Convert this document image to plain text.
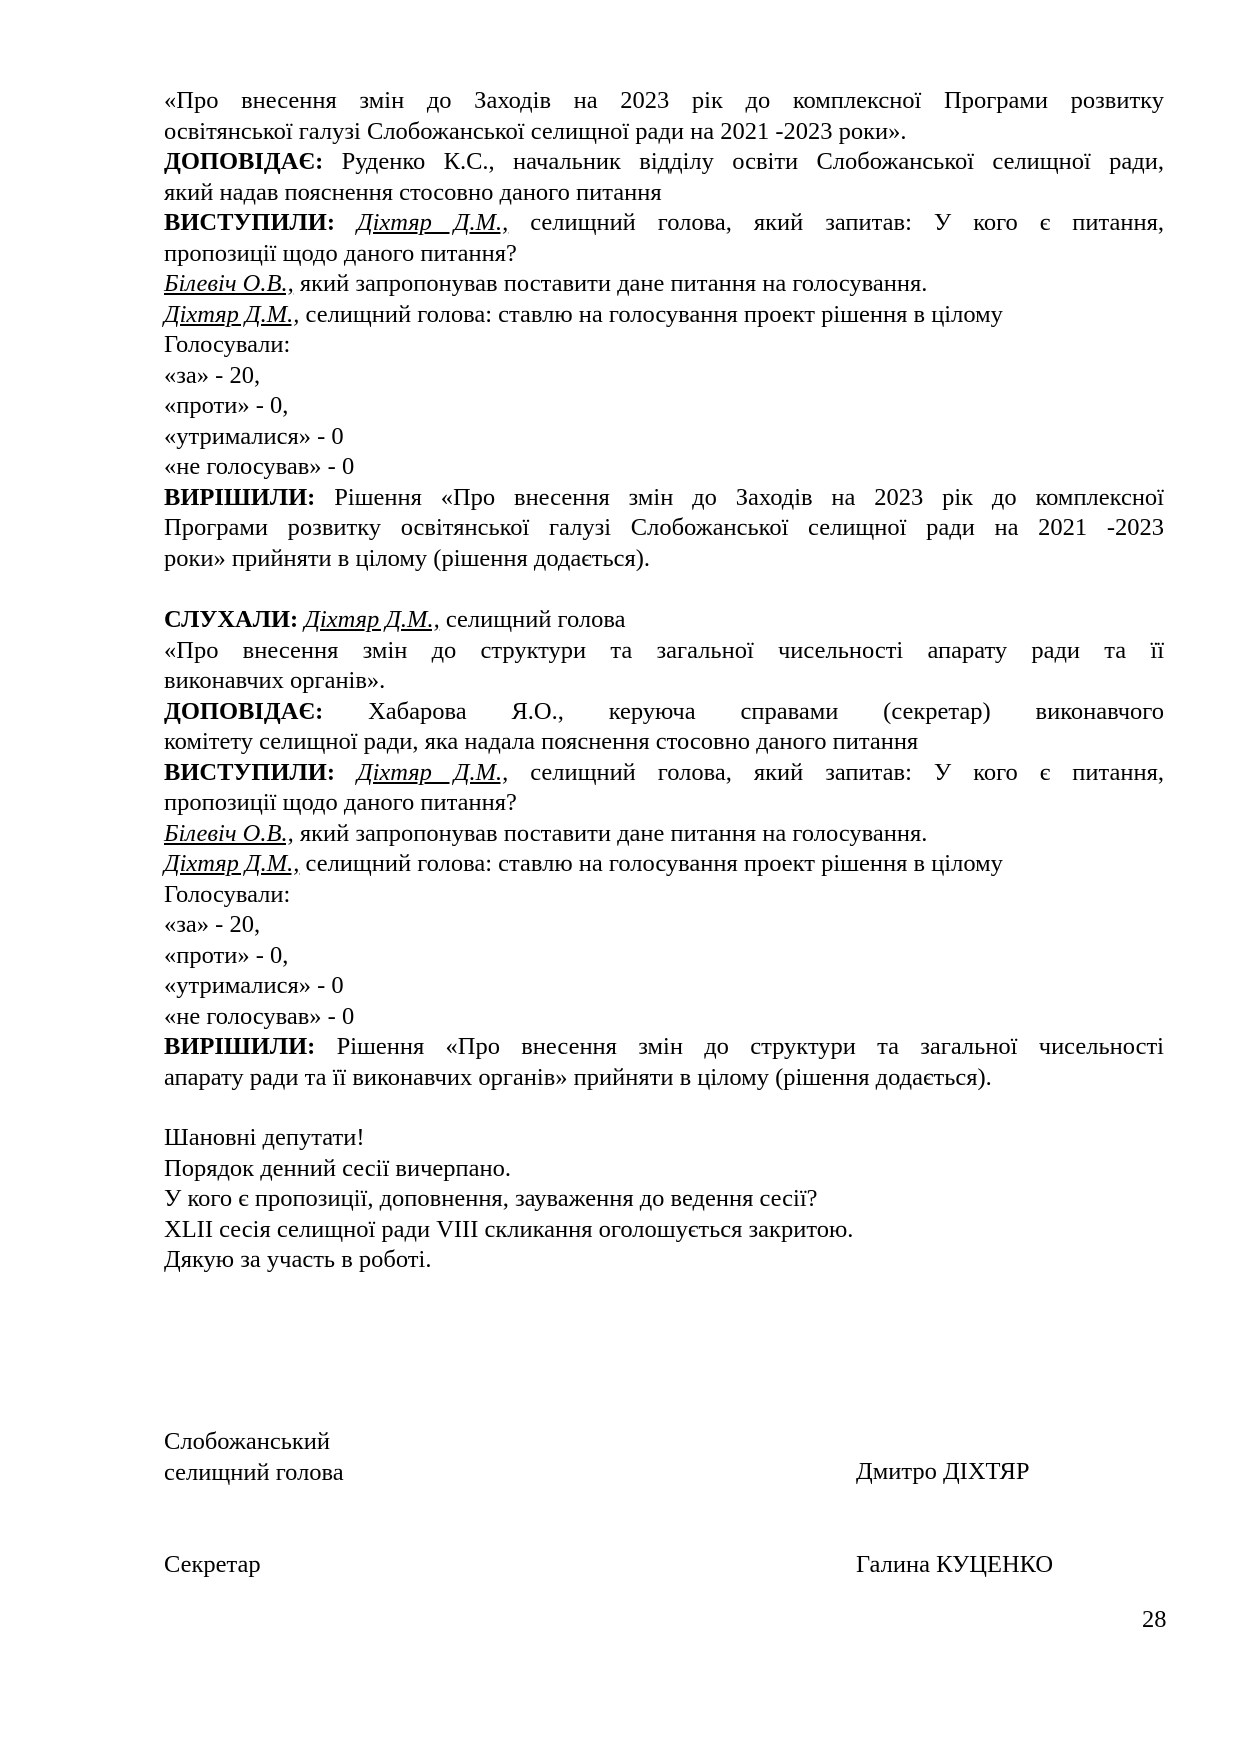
«Про внесення змін до Заходів на 2023 рік до комплексної Програми розвитку
освітянської галузі Слобожанської селищної ради на 2021 -2023 роки».
ДОПОВІДАЄ: Руденко К.С., начальник відділу освіти Слобожанської селищної ради,
який надав пояснення стосовно даного питання
ВИСТУПИЛИ: Діхтяр Д.М., селищний голова, який запитав: У кого є питання,
пропозиції щодо даного питання?
Білевіч О.В., який запропонував поставити дане питання на голосування.
Діхтяр Д.М., селищний голова: ставлю на голосування проект рішення в цілому
Голосували:
«за» - 20,
«проти» - 0,
«утрималися» - 0
«не голосував» - 0
ВИРІШИЛИ: Рішення «Про внесення змін до Заходів на 2023 рік до комплексної
Програми розвитку освітянської галузі Слобожанської селищної ради на 2021 -2023
роки» прийняти в цілому (рішення додається).
СЛУХАЛИ: Діхтяр Д.М., селищний голова
«Про внесення змін до структури та загальної чисельності апарату ради та її
виконавчих органів».
ДОПОВІДАЄ: Хабарова Я.О., керуюча справами (секретар) виконавчого
комітету селищної ради, яка надала пояснення стосовно даного питання
ВИСТУПИЛИ: Діхтяр Д.М., селищний голова, який запитав: У кого є питання,
пропозиції щодо даного питання?
Білевіч О.В., який запропонував поставити дане питання на голосування.
Діхтяр Д.М., селищний голова: ставлю на голосування проект рішення в цілому
Голосували:
«за» - 20,
«проти» - 0,
«утрималися» - 0
«не голосував» - 0
ВИРІШИЛИ: Рішення «Про внесення змін до структури та загальної чисельності
апарату ради та її виконавчих органів» прийняти в цілому (рішення додається).
Шановні депутати!
Порядок денний сесії вичерпано.
У кого є пропозиції, доповнення, зауваження до ведення сесії?
XLII сесія селищної ради VIII скликання оголошується закритою.
Дякую за участь в роботі.
Слобожанський
селищний голова	Дмитро ДІХТЯР
Секретар	Галина КУЦЕНКО
28
